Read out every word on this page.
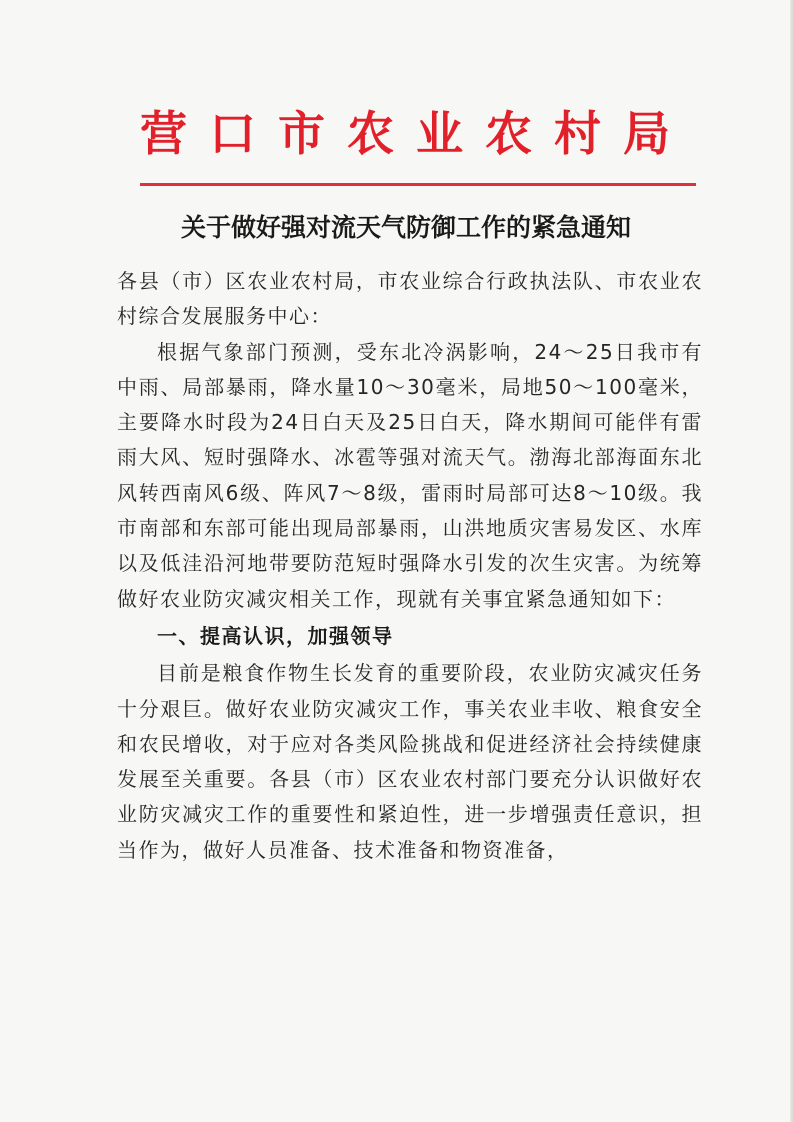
营口市农业农村局
关于做好强对流天气防御工作的紧急通知

各县（市）区农业农村局，市农业综合行政执法队、市农业农村综合发展服务中心：

根据气象部门预测，受东北冷涡影响，24～25日我市有中雨、局部暴雨，降水量10～30毫米，局地50～100毫米，主要降水时段为24日白天及25日白天，降水期间可能伴有雷雨大风、短时强降水、冰雹等强对流天气。渤海北部海面东北风转西南风6级、阵风7～8级，雷雨时局部可达8～10级。我市南部和东部可能出现局部暴雨，山洪地质灾害易发区、水库以及低洼沿河地带要防范短时强降水引发的次生灾害。为统筹做好农业防灾减灾相关工作，现就有关事宜紧急通知如下：

一、提高认识，加强领导

目前是粮食作物生长发育的重要阶段，农业防灾减灾任务十分艰巨。做好农业防灾减灾工作，事关农业丰收、粮食安全和农民增收，对于应对各类风险挑战和促进经济社会持续健康发展至关重要。各县（市）区农业农村部门要充分认识做好农业防灾减灾工作的重要性和紧迫性，进一步增强责任意识，担当作为，做好人员准备、技术准备和物资准备，
